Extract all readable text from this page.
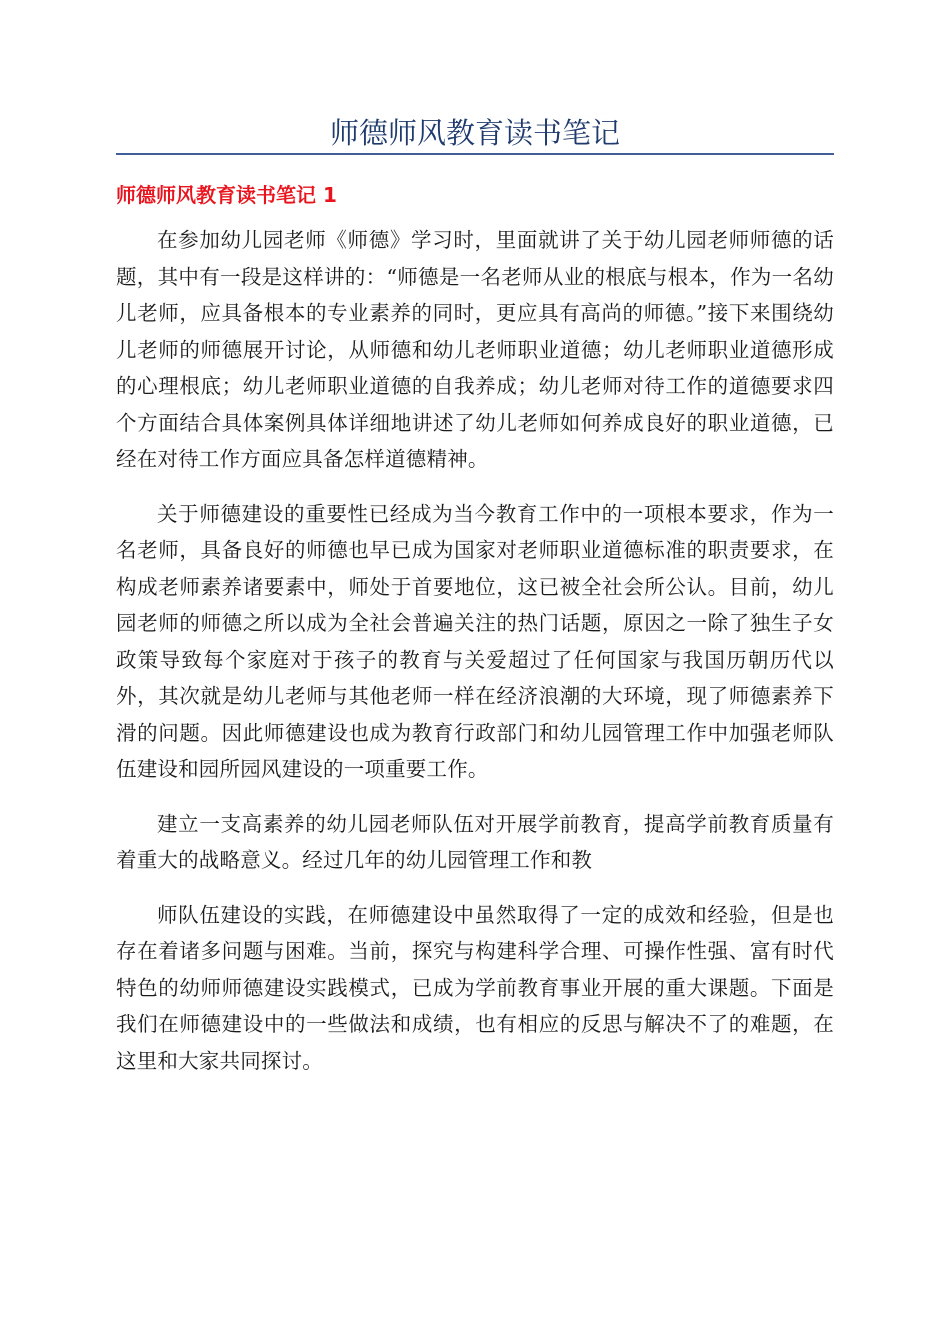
师德师风教育读书笔记
师德师风教育读书笔记 1

在参加幼儿园老师《师德》学习时，里面就讲了关于幼儿园老师师德的话题，其中有一段是这样讲的：“师德是一名老师从业的根底与根本，作为一名幼儿老师，应具备根本的专业素养的同时，更应具有高尚的师德。”接下来围绕幼儿老师的师德展开讨论，从师德和幼儿老师职业道德；幼儿老师职业道德形成的心理根底；幼儿老师职业道德的自我养成；幼儿老师对待工作的道德要求四个方面结合具体案例具体详细地讲述了幼儿老师如何养成良好的职业道德，已经在对待工作方面应具备怎样道德精神。

关于师德建设的重要性已经成为当今教育工作中的一项根本要求，作为一名老师，具备良好的师德也早已成为国家对老师职业道德标准的职责要求，在构成老师素养诸要素中，师处于首要地位，这已被全社会所公认。目前，幼儿园老师的师德之所以成为全社会普遍关注的热门话题，原因之一除了独生子女政策导致每个家庭对于孩子的教育与关爱超过了任何国家与我国历朝历代以外，其次就是幼儿老师与其他老师一样在经济浪潮的大环境，现了师德素养下滑的问题。因此师德建设也成为教育行政部门和幼儿园管理工作中加强老师队伍建设和园所园风建设的一项重要工作。

建立一支高素养的幼儿园老师队伍对开展学前教育，提高学前教育质量有着重大的战略意义。经过几年的幼儿园管理工作和教

师队伍建设的实践，在师德建设中虽然取得了一定的成效和经验，但是也存在着诸多问题与困难。当前，探究与构建科学合理、可操作性强、富有时代特色的幼师师德建设实践模式，已成为学前教育事业开展的重大课题。下面是我们在师德建设中的一些做法和成绩，也有相应的反思与解决不了的难题，在这里和大家共同探讨。
